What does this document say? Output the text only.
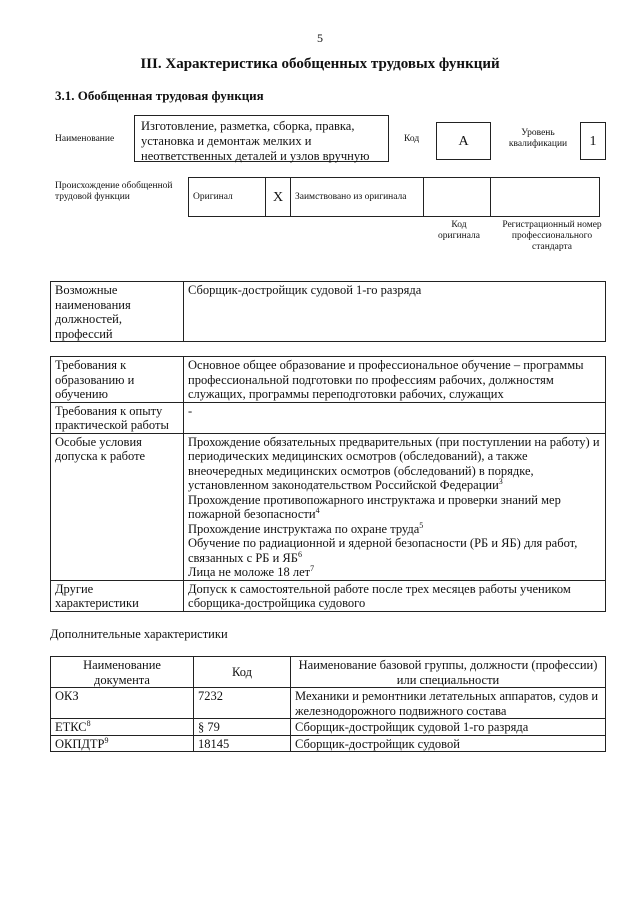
5
III. Характеристика обобщенных трудовых функций
3.1. Обобщенная трудовая функция
Наименование
Изготовление, разметка, сборка, правка, установка и демонтаж мелких и неответственных деталей и узлов вручную
Код	А
Уровень квалификации	1
Происхождение обобщенной трудовой функции	Оригинал	X	Заимствовано из оригинала		
Код оригинала
Регистрационный номер профессионального стандарта
Возможные наименования должностей, профессий	Сборщик-достройщик судовой 1-го разряда
Требования к образованию и обучению	Основное общее образование и профессиональное обучение – программы профессиональной подготовки по профессиям рабочих, должностям служащих, программы переподготовки рабочих, служащих
Требования к опыту практической работы	-
Особые условия допуска к работе	Прохождение обязательных предварительных (при поступлении на работу) и периодических медицинских осмотров (обследований), а также внеочередных медицинских осмотров (обследований) в порядке, установленном законодательством Российской Федерации$^3$
Прохождение противопожарного инструктажа и проверки знаний мер пожарной безопасности$^4$
Прохождение инструктажа по охране труда$^5$
Обучение по радиационной и ядерной безопасности (РБ и ЯБ) для работ, связанных с РБ и $ЯБ^6$
Лица не моложе 18 лет$^7$

Другие характеристики	Допуск к самостоятельной работе после трех месяцев работы учеником сборщика-достройщика судового
Дополнительные характеристики
Наименование документа	Код	Наименование базовой группы, должности (профессии) или специальности
ОКЗ	7232	Механики и ремонтники летательных аппаратов, судов и железнодорожного подвижного состава
ЕТКС$^8$	§ 79	Сборщик-достройщик судовой 1-го разряда
ОКПДТР$^9$	18145	Сборщик-достройщик судовой
